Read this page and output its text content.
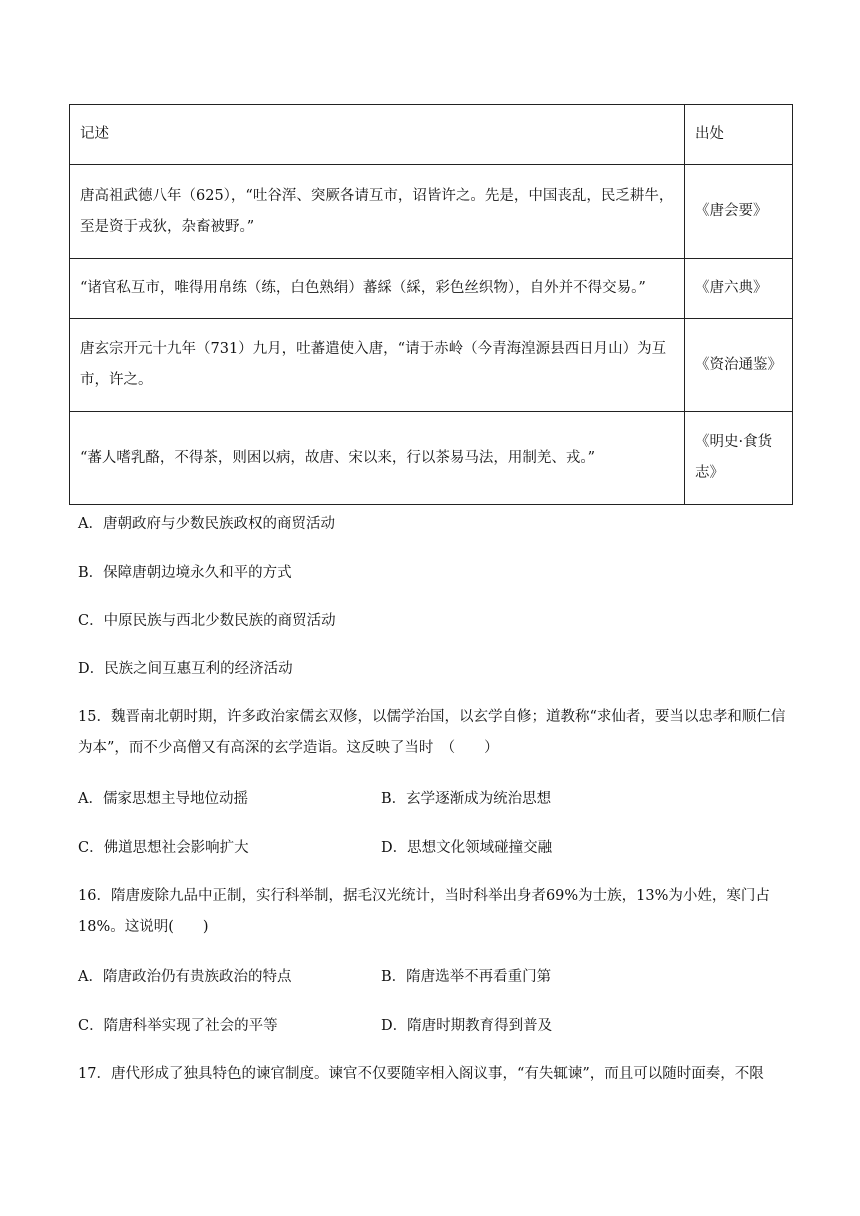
记述	出处
唐高祖武德八年（625），“吐谷浑、突厥各请互市，诏皆许之。先是，中国丧乱，民乏耕牛，至是资于戎狄，杂畜被野。”	《唐会要》
“诸官私互市，唯得用帛练（练，白色熟绢）蕃綵（綵，彩色丝织物），自外并不得交易。”	《唐六典》
唐玄宗开元十九年（731）九月，吐蕃遣使入唐，“请于赤岭（今青海湟源县西日月山）为互市，许之。	《资治通鉴》
“蕃人嗜乳酪，不得茶，则困以病，故唐、宋以来，行以茶易马法，用制羌、戎。”	《明史·食货志》
A．唐朝政府与少数民族政权的商贸活动
B．保障唐朝边境永久和平的方式
C．中原民族与西北少数民族的商贸活动
D．民族之间互惠互利的经济活动
15．魏晋南北朝时期，许多政治家儒玄双修，以儒学治国，以玄学自修；道教称“求仙者，要当以忠孝和顺仁信为本”，而不少高僧又有高深的玄学造诣。这反映了当时　（　　）
A．儒家思想主导地位动摇	B．玄学逐渐成为统治思想
C．佛道思想社会影响扩大	D．思想文化领域碰撞交融
16．隋唐废除九品中正制，实行科举制，据毛汉光统计，当时科举出身者69%为士族，13%为小姓，寒门占18%。这说明(　　)
A．隋唐政治仍有贵族政治的特点	B．隋唐选举不再看重门第
C．隋唐科举实现了社会的平等	D．隋唐时期教育得到普及
17．唐代形成了独具特色的谏官制度。谏官不仅要随宰相入阁议事，“有失辄谏”，而且可以随时面奏，不限
